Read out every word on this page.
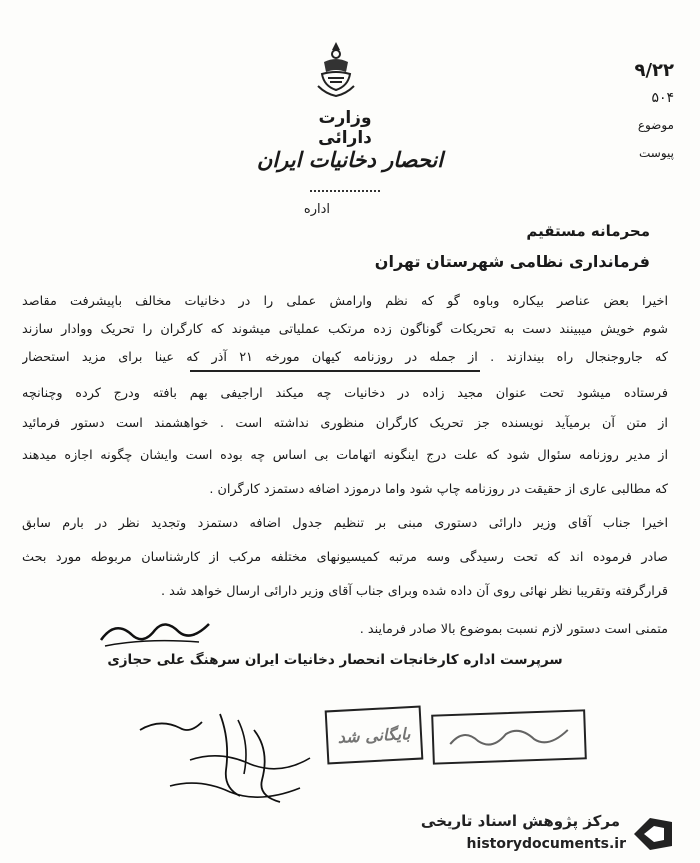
وزارت دارائی
انحصار دخانیات ایران
اداره
۹/۲۲
۵۰۴
موضوع
پیوست
محرمانه مستقیم
فرمانداری نظامی شهرستان تهران
اخیرا بعض عناصر بیکاره وباوه گو که نظم وارامش عملی را در دخانیات مخالف باپیشرفت مقاصد
شوم خویش میبینند دست به تحریکات گوناگون زده مرتکب عملیاتی میشوند که کارگران را تحریک ووادار سازند
که جاروجنجال راه بیندازند . از جمله در روزنامه کیهان مورخه ۲۱ آذر که عینا برای مزید استحضار
فرستاده میشود تحت عنوان مجید زاده در دخانیات چه میکند اراجیفی بهم بافته ودرج کرده وچنانچه
از متن آن برمیآید نویسنده جز تحریک کارگران منظوری نداشته است . خواهشمند است دستور فرمائید
از مدیر روزنامه سئوال شود که علت درج اینگونه اتهامات بی اساس چه بوده است وایشان چگونه اجازه میدهند
که مطالبی عاری از حقیقت در روزنامه چاپ شود واما درموزد اضافه دستمزد کارگران .
اخیرا جناب آقای وزیر دارائی دستوری مبنی بر تنظیم جدول اضافه دستمزد وتجدید نظر در بارم سابق
صادر فرموده اند که تحت رسیدگی وسه مرتبه کمیسیونهای مختلفه مرکب از کارشناسان مربوطه مورد بحث
قرارگرفته وتقریبا نظر نهائی روی آن داده شده وبرای جناب آقای وزیر دارائی ارسال خواهد شد .
متمنی است دستور لازم نسبت بموضوع بالا صادر فرمایند .
سرپرست اداره کارخانجات انحصار دخانیات ایران سرهنگ علی حجازی
بایگانی شد
مرکز پژوهش اسناد تاریخی
historydocuments.ir
